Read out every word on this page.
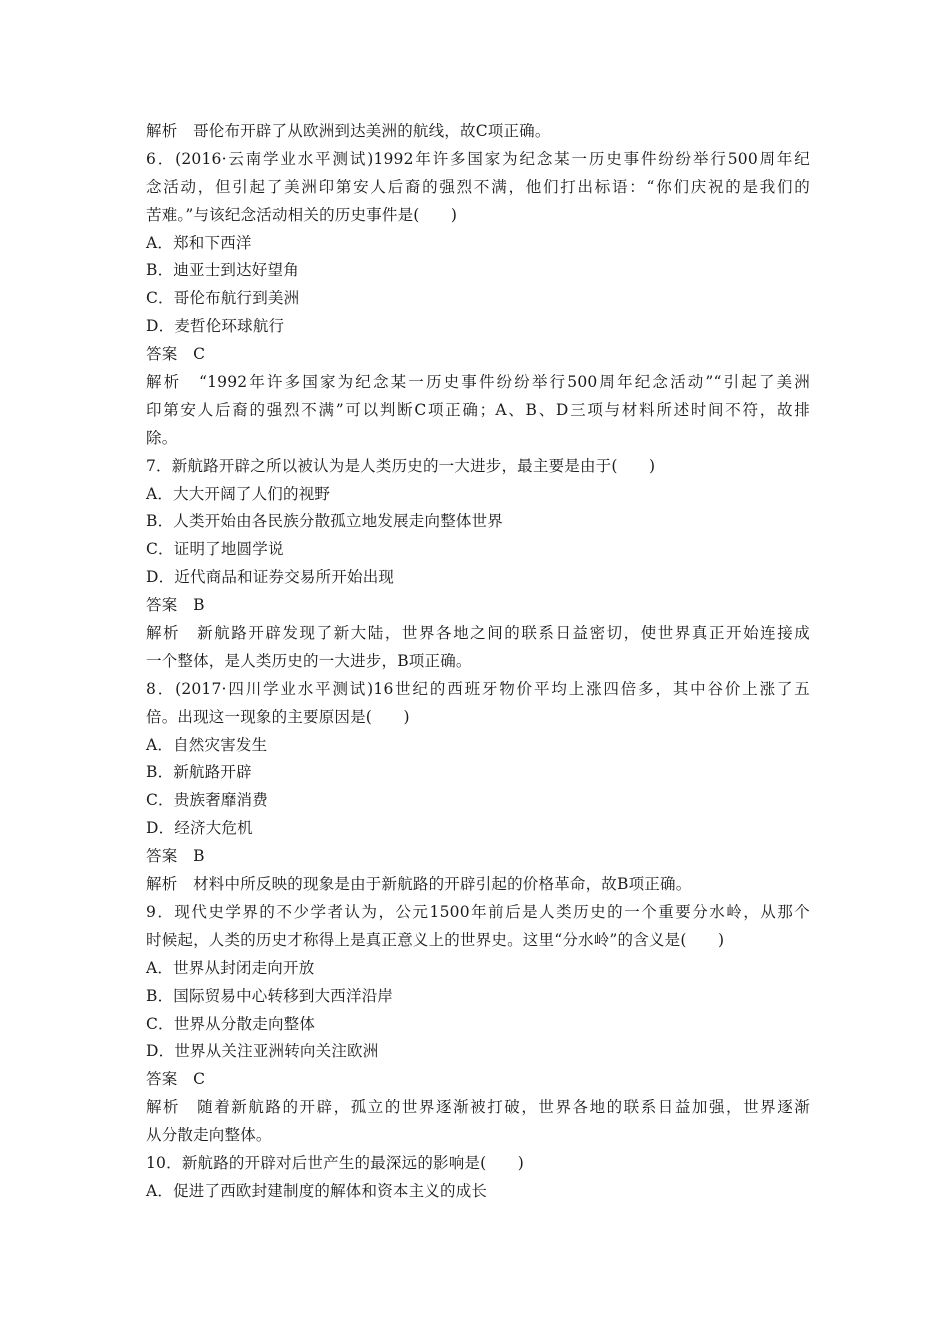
解析　哥伦布开辟了从欧洲到达美洲的航线，故C项正确。
6．(2016·云南学业水平测试)1992年许多国家为纪念某一历史事件纷纷举行500周年纪
念活动，但引起了美洲印第安人后裔的强烈不满，他们打出标语：“你们庆祝的是我们的
苦难。”与该纪念活动相关的历史事件是(　　)
A．郑和下西洋
B．迪亚士到达好望角
C．哥伦布航行到美洲
D．麦哲伦环球航行
答案　C
解析　“1992年许多国家为纪念某一历史事件纷纷举行500周年纪念活动”“引起了美洲
印第安人后裔的强烈不满”可以判断C项正确；A、B、D三项与材料所述时间不符，故排
除。
7．新航路开辟之所以被认为是人类历史的一大进步，最主要是由于(　　)
A．大大开阔了人们的视野
B．人类开始由各民族分散孤立地发展走向整体世界
C．证明了地圆学说
D．近代商品和证券交易所开始出现
答案　B
解析　新航路开辟发现了新大陆，世界各地之间的联系日益密切，使世界真正开始连接成
一个整体，是人类历史的一大进步，B项正确。
8．(2017·四川学业水平测试)16世纪的西班牙物价平均上涨四倍多，其中谷价上涨了五
倍。出现这一现象的主要原因是(　　)
A．自然灾害发生
B．新航路开辟
C．贵族奢靡消费
D．经济大危机
答案　B
解析　材料中所反映的现象是由于新航路的开辟引起的价格革命，故B项正确。
9．现代史学界的不少学者认为，公元1500年前后是人类历史的一个重要分水岭，从那个
时候起，人类的历史才称得上是真正意义上的世界史。这里“分水岭”的含义是(　　)
A．世界从封闭走向开放
B．国际贸易中心转移到大西洋沿岸
C．世界从分散走向整体
D．世界从关注亚洲转向关注欧洲
答案　C
解析　随着新航路的开辟，孤立的世界逐渐被打破，世界各地的联系日益加强，世界逐渐
从分散走向整体。
10．新航路的开辟对后世产生的最深远的影响是(　　)
A．促进了西欧封建制度的解体和资本主义的成长
